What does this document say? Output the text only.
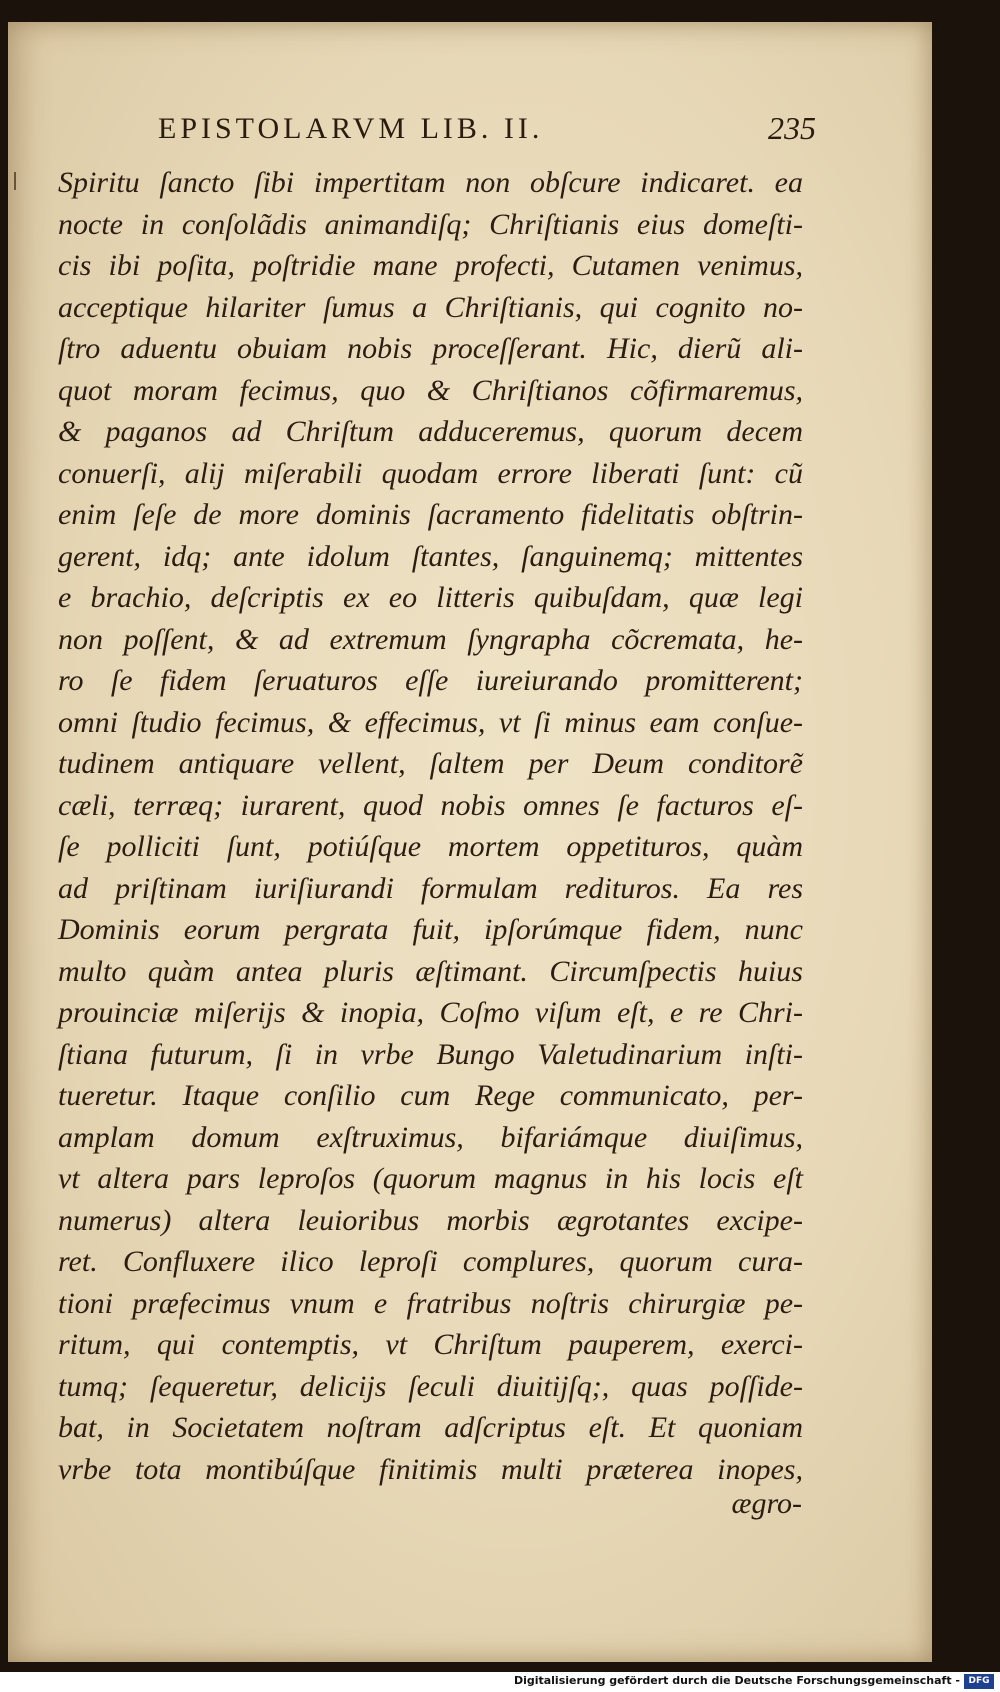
EPISTOLARVM LIB. II.	235
Spiritu ſancto ſibi impertitam non obſcure indicaret. ea
nocte in conſolãdis animandiſq; Chriſtianis eius domeſti-
cis ibi poſita, poſtridie mane profecti, Cutamen venimus,
acceptique hilariter ſumus a Chriſtianis, qui cognito no-
ſtro aduentu obuiam nobis proceſſerant. Hic, dierũ ali-
quot moram fecimus, quo & Chriſtianos cõfirmaremus,
& paganos ad Chriſtum adduceremus, quorum decem
conuerſi, alij miſerabili quodam errore liberati ſunt: cũ
enim ſeſe de more dominis ſacramento fidelitatis obſtrin-
gerent, idq; ante idolum ſtantes, ſanguinemq; mittentes
e brachio, deſcriptis ex eo litteris quibuſdam, quæ legi
non poſſent, & ad extremum ſyngrapha cõcremata, he-
ro ſe fidem ſeruaturos eſſe iureiurando promitterent;
omni ſtudio fecimus, & effecimus, vt ſi minus eam conſue-
tudinem antiquare vellent, ſaltem per Deum conditorẽ
cæli, terræq; iurarent, quod nobis omnes ſe facturos eſ-
ſe polliciti ſunt, potiúſque mortem oppetituros, quàm
ad priſtinam iuriſiurandi formulam redituros. Ea res
Dominis eorum pergrata fuit, ipſorúmque fidem, nunc
multo quàm antea pluris æſtimant. Circumſpectis huius
prouinciæ miſerijs & inopia, Coſmo viſum eſt, e re Chri-
ſtiana futurum, ſi in vrbe Bungo Valetudinarium inſti-
tueretur. Itaque conſilio cum Rege communicato, per-
amplam domum exſtruximus, bifariámque diuiſimus,
vt altera pars leproſos (quorum magnus in his locis eſt
numerus) altera leuioribus morbis ægrotantes excipe-
ret. Confluxere ilico leproſi complures, quorum cura-
tioni præfecimus vnum e fratribus noſtris chirurgiæ pe-
ritum, qui contemptis, vt Chriſtum pauperem, exerci-
tumq; ſequeretur, delicijs ſeculi diuitijſq;, quas poſſide-
bat, in Societatem noſtram adſcriptus eſt. Et quoniam
vrbe tota montibúſque finitimis multi præterea inopes,
ægro-
Digitalisierung gefördert durch die Deutsche Forschungsgemeinschaft - DFG
